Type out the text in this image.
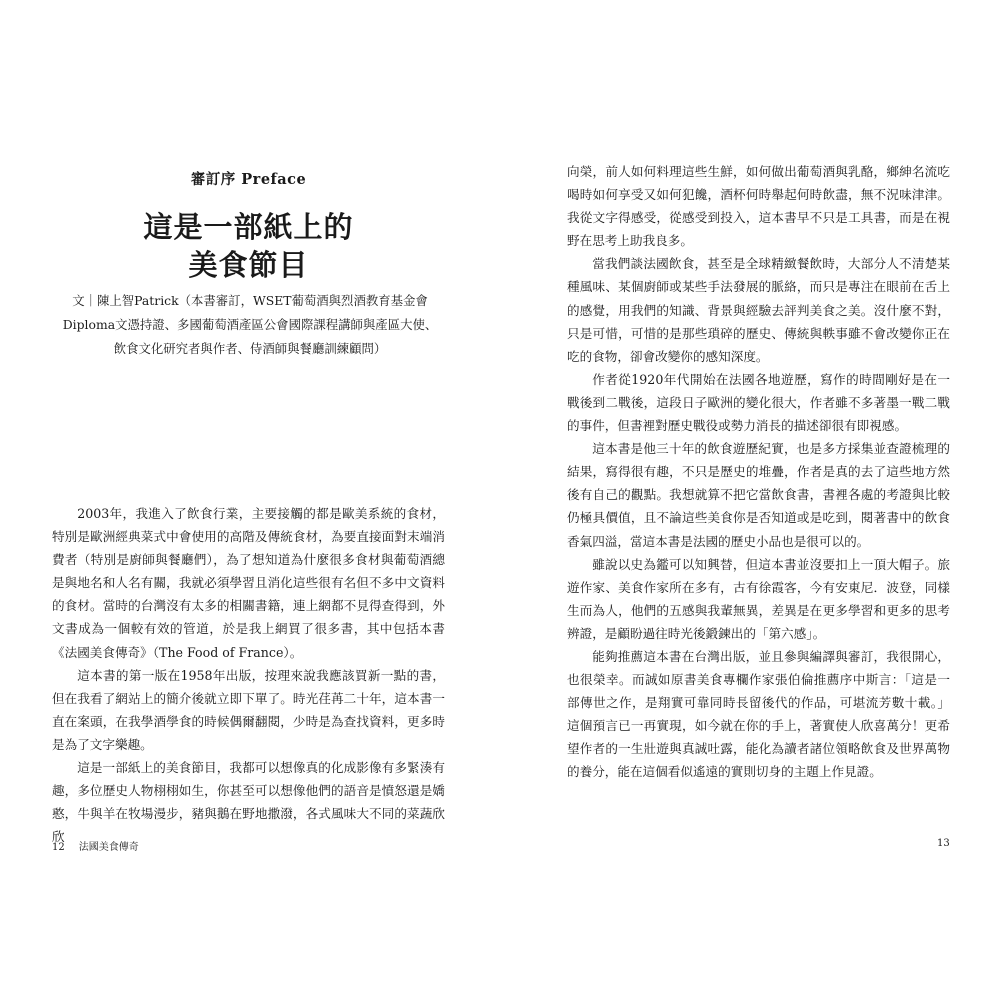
審訂序 Preface
這是一部紙上的
美食節目
文｜陳上智Patrick（本書審訂，WSET葡萄酒與烈酒教育基金會
Diploma文憑持證、多國葡萄酒產區公會國際課程講師與產區大使、
飲食文化研究者與作者、侍酒師與餐廳訓練顧問）

2003年，我進入了飲食行業，主要接觸的都是歐美系統的食材，特別是歐洲經典菜式中會使用的高階及傳統食材，為要直接面對末端消費者（特別是廚師與餐廳們），為了想知道為什麼很多食材與葡萄酒總是與地名和人名有關，我就必須學習且消化這些很有名但不多中文資料的食材。當時的台灣沒有太多的相關書籍，連上網都不見得查得到，外文書成為一個較有效的管道，於是我上網買了很多書，其中包括本書《法國美食傳奇》（The Food of France）。

這本書的第一版在1958年出版，按理來說我應該買新一點的書，但在我看了網站上的簡介後就立即下單了。時光荏苒二十年，這本書一直在案頭，在我學酒學食的時候偶爾翻閱，少時是為查找資料，更多時是為了文字樂趣。

這是一部紙上的美食節目，我都可以想像真的化成影像有多緊湊有趣，多位歷史人物栩栩如生，你甚至可以想像他們的語音是憤怒還是嬌憨，牛與羊在牧場漫步，豬與鵝在野地撒潑，各式風味大不同的菜蔬欣欣

12 法國美食傳奇

向榮，前人如何料理這些生鮮，如何做出葡萄酒與乳酪，鄉紳名流吃喝時如何享受又如何犯饞，酒杯何時舉起何時飲盡，無不況味津津。我從文字得感受，從感受到投入，這本書早不只是工具書，而是在視野在思考上助我良多。

當我們談法國飲食，甚至是全球精緻餐飲時，大部分人不清楚某種風味、某個廚師或某些手法發展的脈絡，而只是專注在眼前在舌上的感覺，用我們的知識、背景與經驗去評判美食之美。沒什麼不對，只是可惜，可惜的是那些瑣碎的歷史、傳統與軼事雖不會改變你正在吃的食物，卻會改變你的感知深度。

作者從1920年代開始在法國各地遊歷，寫作的時間剛好是在一戰後到二戰後，這段日子歐洲的變化很大，作者雖不多著墨一戰二戰的事件，但書裡對歷史戰役或勢力消長的描述卻很有即視感。

這本書是他三十年的飲食遊歷紀實，也是多方採集並查證梳理的結果，寫得很有趣，不只是歷史的堆疊，作者是真的去了這些地方然後有自己的觀點。我想就算不把它當飲食書，書裡各處的考證與比較仍極具價值，且不論這些美食你是否知道或是吃到，閱著書中的飲食香氣四溢，當這本書是法國的歷史小品也是很可以的。

雖說以史為鑑可以知興替，但這本書並沒要扣上一頂大帽子。旅遊作家、美食作家所在多有，古有徐霞客，今有安東尼．波登，同樣生而為人，他們的五感與我輩無異，差異是在更多學習和更多的思考辨證，是顧盼過往時光後鍛鍊出的「第六感」。

能夠推薦這本書在台灣出版，並且參與編譯與審訂，我很開心，也很榮幸。而誠如原書美食專欄作家張伯倫推薦序中斯言：「這是一部傳世之作，是翔實可靠同時長留後代的作品，可堪流芳數十載。」這個預言已一再實現，如今就在你的手上，著實使人欣喜萬分！更希望作者的一生壯遊與真誠吐露，能化為讀者諸位領略飲食及世界萬物的養分，能在這個看似遙遠的實則切身的主題上作見證。

13
